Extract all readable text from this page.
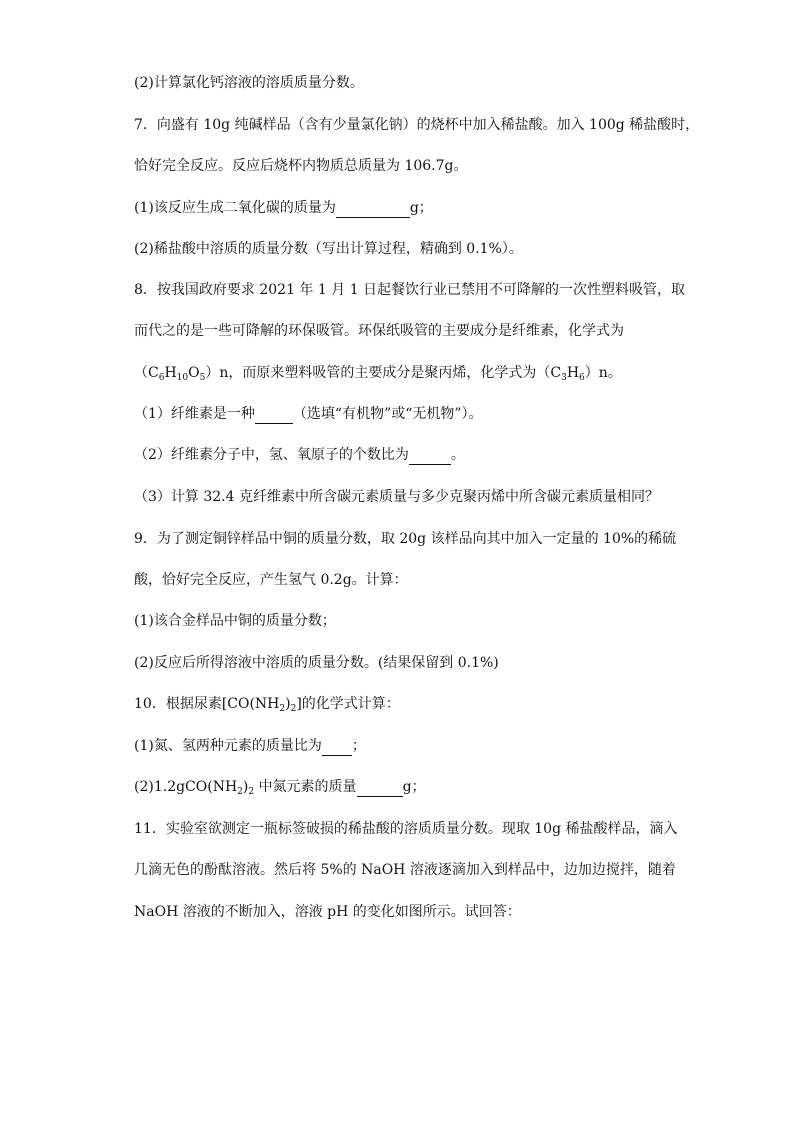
(2)计算氯化钙溶液的溶质质量分数。
7．向盛有 10g 纯碱样品（含有少量氯化钠）的烧杯中加入稀盐酸。加入 100g 稀盐酸时，
恰好完全反应。反应后烧杯内物质总质量为 106.7g。
(1)该反应生成二氧化碳的质量为	g；
(2)稀盐酸中溶质的质量分数（写出计算过程，精确到 0.1%）。
8．按我国政府要求 2021 年 1 月 1 日起餐饮行业已禁用不可降解的一次性塑料吸管，取
而代之的是一些可降解的环保吸管。环保纸吸管的主要成分是纤维素，化学式为
$(C_6H_{10}O_5)n$，而原来塑料吸管的主要成分是聚丙烯，化学式为$(C_3H_6)n$。
（1）纤维素是一种	（选填“有机物”或“无机物”）。
（2）纤维素分子中，氢、氧原子的个数比为	。
（3）计算 32.4 克纤维素中所含碳元素质量与多少克聚丙烯中所含碳元素质量相同？
9．为了测定铜锌样品中铜的质量分数，取 20g 该样品向其中加入一定量的 10%的稀硫
酸，恰好完全反应，产生氢气 0.2g。计算：
(1)该合金样品中铜的质量分数；
(2)反应后所得溶液中溶质的质量分数。(结果保留到 0.1%)
10．根据尿素$[CO(NH_2)_2]$的化学式计算：
(1)氮、氢两种元素的质量比为 ；
$(2)1.2gCO(NH_2)_2$ 中氮元素的质量	g；
11．实验室欲测定一瓶标签破损的稀盐酸的溶质质量分数。现取 10g 稀盐酸样品，滴入
几滴无色的酚酞溶液。然后将 5%的 NaOH 溶液逐滴加入到样品中，边加边搅拌，随着
NaOH 溶液的不断加入，溶液 pH 的变化如图所示。试回答：
